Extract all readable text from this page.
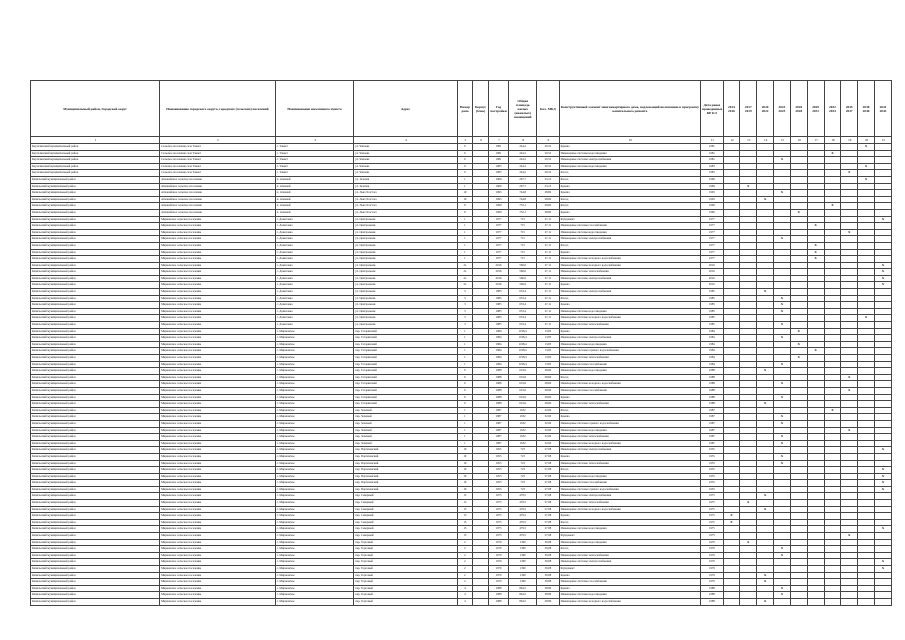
Муниципальный район, Городской округ	Наименование городского округа, городских (сельских) поселений	Наименование населенного пункта	Адрес	Номер дома	Корпус (блок)	Год постройки	Общая площадь жилых (нежилых) помещений	Кол. МКД	Конструктивный элемент многоквартирного дома, подлежащий включению в программу капитального ремонта	Дата ранее проведенных КР КЭ	2014 2016	2017 2019	2020 2022	2023 2025	2026 2028	2029 2031	2032 2034	2035 2037	2038 2040	2041 2043
1	2	3	4	5	6	7	8	9	10	11	12	13	14	15	16	17	18	19	20	21
Карталинский муниципальный район	Сельское поселение села Танкет	с. Танкет	ул. Чапаева	6		1981	244,2	20,52	Крыша	1981									X	
Карталинский муниципальный район	Сельское поселение села Танкет	с. Танкет	ул. Чапаева	6		1981	244,2	20,52	Инженерные системы водоотведения	1981							X			
Карталинский муниципальный район	Сельское поселение села Танкет	с. Танкет	ул. Чапаева	6		1981	244,2	20,52	Инженерные системы электроснабжения	1981				X						
Карталинский муниципальный район	Сельское поселение села Танкет	с. Танкет	ул. Чапаева	9		1983	244,2	20,52	Инженерные системы водоотведения	1983									X	
Карталинский муниципальный район	Сельское поселение села Танкет	с. Танкет	ул. Чапаева	9		1983	244,2	20,52	Фасад	1983								X		
Кизильский муниципальный район	Атманайское сельское поселение	п. Атманай	ул. Зеленая	1		1969	207,7	23,13	Фасад	1969									X	
Кизильский муниципальный район	Атманайское сельское поселение	п. Атманай	ул. Зеленая	1		1969	207,7	23,13	Крыша	1969		X								
Кизильский муниципальный район	Атманайское сельское поселение	п. Атманай	ул. Льва Толстого	10		1993	744,8	28,82	Крыша	1993				X						
Кизильский муниципальный район	Атманайское сельское поселение	п. Атманай	ул. Льва Толстого	10		1993	744,8	28,82	Фасад	1993			X							
Кизильский муниципальный район	Атманайское сельское поселение	п. Атманай	ул. Льва Толстого	8		1990	752,1	28,82	Фасад	1990							X			
Кизильский муниципальный район	Атманайское сельское поселение	п. Атманай	ул. Льва Толстого	8		1990	752,1	28,82	Крыша	1990					X					
Кизильский муниципальный район	Мирненское сельское поселение	с. Денисовка	ул. Центральная	1		1977	715	27,11	Фундамент	1977										X
Кизильский муниципальный район	Мирненское сельское поселение	с. Денисовка	ул. Центральная	1		1977	715	27,11	Инженерные системы газоснабжения	1977						X				
Кизильский муниципальный район	Мирненское сельское поселение	с. Денисовка	ул. Центральная	1		1977	715	27,11	Инженерные системы водоотведения	1977								X		
Кизильский муниципальный район	Мирненское сельское поселение	с. Денисовка	ул. Центральная	1		1977	715	27,11	Инженерные системы электроснабжения	1977				X						
Кизильский муниципальный район	Мирненское сельское поселение	с. Денисовка	ул. Центральная	1		1977	715	27,11	Фасад	1977						X				
Кизильский муниципальный район	Мирненское сельское поселение	с. Денисовка	ул. Центральная	1		1977	715	27,11	Крыша	1977						X				
Кизильский муниципальный район	Мирненское сельское поселение	с. Денисовка	ул. Центральная	1		1977	715	27,11	Инженерные системы холодного водоснабжения	1977						X				
Кизильский муниципальный район	Мирненское сельское поселение	с. Денисовка	ул. Центральная	2а		2016	566,6	27,11	Инженерные системы холодного водоснабжения	2016										X
Кизильский муниципальный район	Мирненское сельское поселение	с. Денисовка	ул. Центральная	2а		2016	566,6	27,11	Инженерные системы теплоснабжения	2016										X
Кизильский муниципальный район	Мирненское сельское поселение	с. Денисовка	ул. Центральная	2а		2016	566,6	27,11	Инженерные системы электроснабжения	2016										X
Кизильский муниципальный район	Мирненское сельское поселение	с. Денисовка	ул. Центральная	2а		2016	566,6	27,11	Крыша	2016										X
Кизильский муниципальный район	Мирненское сельское поселение	с. Денисовка	ул. Центральная	3		1985	633,4	27,11	Инженерные системы электроснабжения	1985			X							
Кизильский муниципальный район	Мирненское сельское поселение	с. Денисовка	ул. Центральная	3		1985	633,4	27,11	Фасад	1985				X						
Кизильский муниципальный район	Мирненское сельское поселение	с. Денисовка	ул. Центральная	3		1985	633,4	27,11	Крыша	1985				X						
Кизильский муниципальный район	Мирненское сельское поселение	с. Денисовка	ул. Центральная	3		1985	633,4	27,11	Инженерные системы водоотведения	1985				X						
Кизильский муниципальный район	Мирненское сельское поселение	с. Денисовка	ул. Центральная	3		1985	633,4	27,11	Инженерные системы холодного водоснабжения	1985									X	
Кизильский муниципальный район	Мирненское сельское поселение	с. Денисовка	ул. Центральная	3		1985	633,4	27,11	Инженерные системы теплоснабжения	1985				X						
Кизильский муниципальный район	Мирненское сельское поселение	с. Мирненское	пер. Гагаринский	1		1984	1198,4	13,85	Крыша	1984					X					
Кизильский муниципальный район	Мирненское сельское поселение	с. Мирненское	пер. Гагаринский	1		1984	1198,4	13,85	Инженерные системы электроснабжения	1984				X						
Кизильский муниципальный район	Мирненское сельское поселение	с. Мирненское	пер. Гагаринский	1		1984	1198,4	13,85	Инженерные системы водоотведения	1984					X					
Кизильский муниципальный район	Мирненское сельское поселение	с. Мирненское	пер. Гагаринский	1		1984	1198,4	13,85	Инженерные системы горячего водоснабжения	1984						X				
Кизильский муниципальный район	Мирненское сельское поселение	с. Мирненское	пер. Гагаринский	1		1984	1198,4	13,85	Инженерные системы теплоснабжения	1984					X					
Кизильский муниципальный район	Мирненское сельское поселение	с. Мирненское	пер. Гагаринский	1		1984	1198,4	13,85	Инженерные системы газоснабжения	1984				X						
Кизильский муниципальный район	Мирненское сельское поселение	с. Мирненское	пер. Гагаринский	6		1988	619,6	28,60	Инженерные системы водоотведения	1988			X							
Кизильский муниципальный район	Мирненское сельское поселение	с. Мирненское	пер. Гагаринский	6		1988	619,6	28,60	Фасад	1988								X		
Кизильский муниципальный район	Мирненское сельское поселение	с. Мирненское	пер. Гагаринский	6		1988	619,6	28,60	Инженерные системы холодного водоснабжения	1988				X						
Кизильский муниципальный район	Мирненское сельское поселение	с. Мирненское	пер. Гагаринский	6		1988	619,6	28,60	Инженерные системы газоснабжения	1988								X		
Кизильский муниципальный район	Мирненское сельское поселение	с. Мирненское	пер. Гагаринский	6		1988	619,6	28,60	Крыша	1988				X						
Кизильский муниципальный район	Мирненское сельское поселение	с. Мирненское	пер. Гагаринский	6		1988	619,6	28,60	Инженерные системы теплоснабжения	1988			X							
Кизильский муниципальный район	Мирненское сельское поселение	с. Мирненское	пер. Зеленый	1		1987	1652	32,60	Фасад	1987							X			
Кизильский муниципальный район	Мирненское сельское поселение	с. Мирненское	пер. Зеленый	1		1987	1652	32,60	Крыша	1987				X						
Кизильский муниципальный район	Мирненское сельское поселение	с. Мирненское	пер. Зеленый	1		1987	1652	32,60	Инженерные системы горячего водоснабжения	1987				X						
Кизильский муниципальный район	Мирненское сельское поселение	с. Мирненское	пер. Зеленый	1		1987	1652	32,60	Инженерные системы водоотведения	1987								X		
Кизильский муниципальный район	Мирненское сельское поселение	с. Мирненское	пер. Зеленый	1		1987	1652	32,60	Инженерные системы теплоснабжения	1987				X						
Кизильский муниципальный район	Мирненское сельское поселение	с. Мирненское	пер. Зеленый	1		1987	1652	32,60	Инженерные системы холодного водоснабжения	1987				X						
Кизильский муниципальный район	Мирненское сельское поселение	с. Мирненское	пер. Партизанский	19		1955	723	27,08	Инженерные системы электроснабжения	1955										X
Кизильский муниципальный район	Мирненское сельское поселение	с. Мирненское	пер. Партизанский	19		1955	723	27,08	Крыша	1955				X						
Кизильский муниципальный район	Мирненское сельское поселение	с. Мирненское	пер. Партизанский	19		1955	723	27,08	Инженерные системы теплоснабжения	1955				X						
Кизильский муниципальный район	Мирненское сельское поселение	с. Мирненское	пер. Партизанский	19		1955	723	27,08	Фасад	1955										X
Кизильский муниципальный район	Мирненское сельское поселение	с. Мирненское	пер. Партизанский	19		1955	723	27,08	Инженерные системы водоотведения	1955										X
Кизильский муниципальный район	Мирненское сельское поселение	с. Мирненское	пер. Партизанский	19		1955	723	27,08	Инженерные системы газоснабжения	1955										X
Кизильский муниципальный район	Мирненское сельское поселение	с. Мирненское	пер. Партизанский	19		1955	723	27,08	Инженерные системы горячего водоснабжения	1955										X
Кизильский муниципальный район	Мирненское сельское поселение	с. Мирненское	пер. Северный	15		1975	479,5	27,08	Инженерные системы электроснабжения	1975			X							
Кизильский муниципальный район	Мирненское сельское поселение	с. Мирненское	пер. Северный	15		1975	479,5	27,08	Инженерные системы теплоснабжения	1975		X								
Кизильский муниципальный район	Мирненское сельское поселение	с. Мирненское	пер. Северный	15		1975	479,5	27,08	Инженерные системы холодного водоснабжения	1975			X							
Кизильский муниципальный район	Мирненское сельское поселение	с. Мирненское	пер. Северный	15		1975	479,5	27,08	Крыша	1975	X									
Кизильский муниципальный район	Мирненское сельское поселение	с. Мирненское	пер. Северный	15		1975	479,5	27,08	Фасад	1975	X									
Кизильский муниципальный район	Мирненское сельское поселение	с. Мирненское	пер. Северный	15		1975	479,5	27,08	Инженерные системы водоотведения	1975										X
Кизильский муниципальный район	Мирненское сельское поселение	с. Мирненское	пер. Северный	15		1975	479,5	27,08	Фундамент	1975								X		
Кизильский муниципальный район	Мирненское сельское поселение	с. Мирненское	пер. Торговый	2		1979	1390	30,08	Инженерные системы водоотведения	1979		X								
Кизильский муниципальный район	Мирненское сельское поселение	с. Мирненское	пер. Торговый	2		1979	1390	30,08	Фасад	1979				X						
Кизильский муниципальный район	Мирненское сельское поселение	с. Мирненское	пер. Торговый	2		1979	1390	30,08	Инженерные системы теплоснабжения	1979				X						
Кизильский муниципальный район	Мирненское сельское поселение	с. Мирненское	пер. Торговый	2		1979	1390	30,08	Инженерные системы электроснабжения	1979										X
Кизильский муниципальный район	Мирненское сельское поселение	с. Мирненское	пер. Торговый	2		1979	1390	30,08	Фундамент	1979										X
Кизильский муниципальный район	Мирненское сельское поселение	с. Мирненское	пер. Торговый	2		1979	1390	30,08	Крыша	1979			X							
Кизильский муниципальный район	Мирненское сельское поселение	с. Мирненское	пер. Торговый	2		1979	1390	30,08	Инженерные системы газоснабжения	1979			X							
Кизильский муниципальный район	Мирненское сельское поселение	с. Мирненское	пер. Торговый	4		1988	864,5	28,89	Крыша	1988				X						
Кизильский муниципальный район	Мирненское сельское поселение	с. Мирненское	пер. Торговый	4		1988	864,5	28,89	Инженерные системы водоотведения	1988				X						
Кизильский муниципальный район	Мирненское сельское поселение	с. Мирненское	пер. Торговый	4		1988	864,5	28,89	Инженерные системы холодного водоснабжения	1988			X							
